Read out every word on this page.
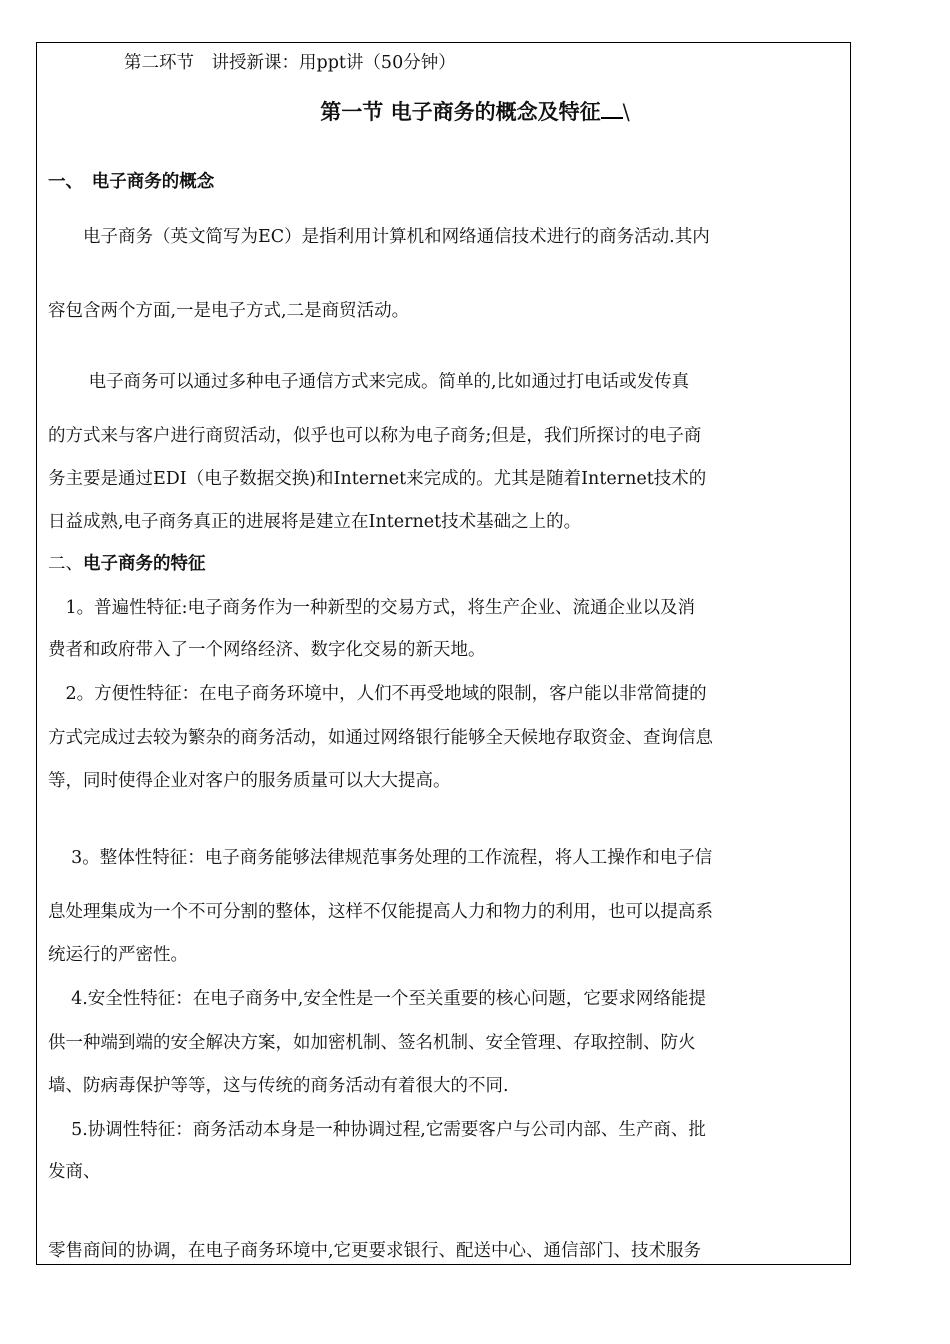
第二环节　讲授新课：用ppt讲（50分钟）
第一节 电子商务的概念及特征 \
一、　电子商务的概念
　　电子商务（英文简写为EC）是指利用计算机和网络通信技术进行的商务活动.其内
容包含两个方面,一是电子方式,二是商贸活动。
　　 电子商务可以通过多种电子通信方式来完成。简单的,比如通过打电话或发传真
的方式来与客户进行商贸活动，似乎也可以称为电子商务;但是，我们所探讨的电子商
务主要是通过EDI（电子数据交换)和Internet来完成的。尤其是随着Internet技术的
日益成熟,电子商务真正的进展将是建立在Internet技术基础之上的。
二、电子商务的特征
　1。普遍性特征:电子商务作为一种新型的交易方式，将生产企业、流通企业以及消
费者和政府带入了一个网络经济、数字化交易的新天地。
　2。方便性特征：在电子商务环境中，人们不再受地域的限制，客户能以非常简捷的
方式完成过去较为繁杂的商务活动，如通过网络银行能够全天候地存取资金、查询信息
等，同时使得企业对客户的服务质量可以大大提高。
　 3。整体性特征：电子商务能够法律规范事务处理的工作流程，将人工操作和电子信
息处理集成为一个不可分割的整体，这样不仅能提高人力和物力的利用，也可以提高系
统运行的严密性。
　 4.安全性特征：在电子商务中,安全性是一个至关重要的核心问题，它要求网络能提
供一种端到端的安全解决方案，如加密机制、签名机制、安全管理、存取控制、防火
墙、防病毒保护等等，这与传统的商务活动有着很大的不同.
　 5.协调性特征：商务活动本身是一种协调过程,它需要客户与公司内部、生产商、批
发商、
零售商间的协调，在电子商务环境中,它更要求银行、配送中心、通信部门、技术服务
